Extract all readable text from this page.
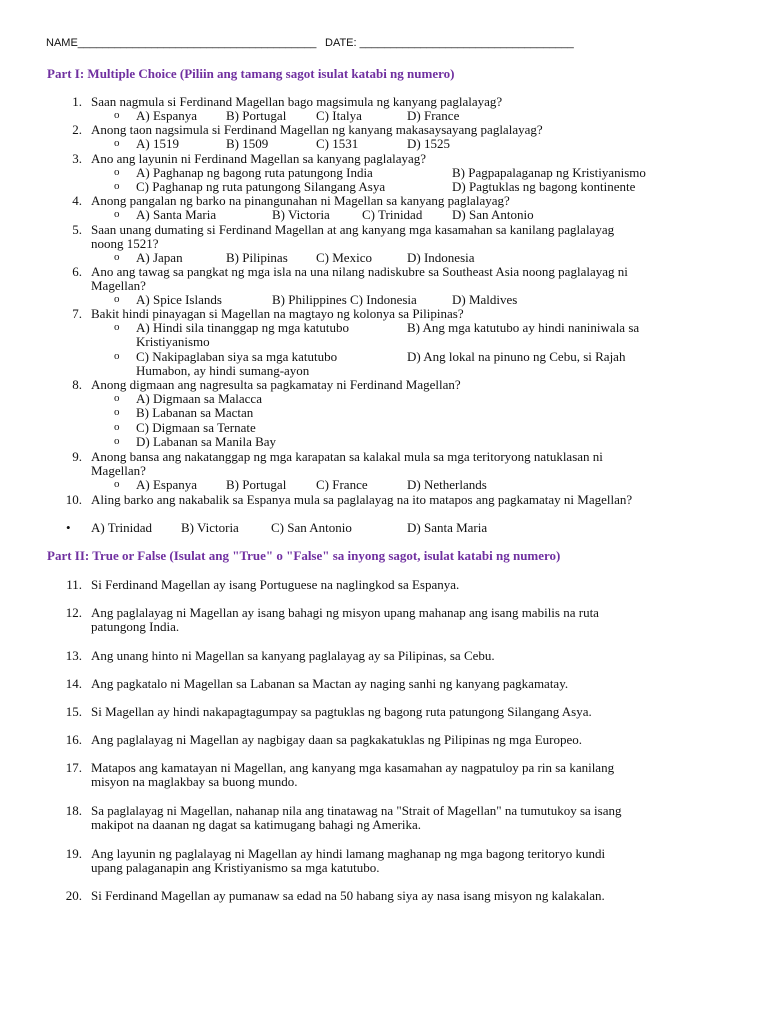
NAME_______________________________________ DATE: ___________________________________
Part I: Multiple Choice (Piliin ang tamang sagot isulat katabi ng numero)
1. Saan nagmula si Ferdinand Magellan bago magsimula ng kanyang paglalayag?
o A) Espanya B) Portugal C) Italya	D) France
2. Anong taon nagsimula si Ferdinand Magellan ng kanyang makasaysayang paglalayag?
o A) 1519	B) 1509	C) 1531	D) 1525
3. Ano ang layunin ni Ferdinand Magellan sa kanyang paglalayag?
o A) Paghanap ng bagong ruta patungong India	B) Pagpapalaganap ng Kristiyanismo
o C) Paghanap ng ruta patungong Silangang Asya	D) Pagtuklas ng bagong kontinente
4. Anong pangalan ng barko na pinangunahan ni Magellan sa kanyang paglalayag?
o A) Santa Maria	B) Victoria C) Trinidad D) San Antonio
5. Saan unang dumating si Ferdinand Magellan at ang kanyang mga kasamahan sa kanilang paglalayag
noong 1521?
o A) Japan	B) Pilipinas C) Mexico	D) Indonesia
6. Ano ang tawag sa pangkat ng mga isla na una nilang nadiskubre sa Southeast Asia noong paglalayag ni
Magellan?
o A) Spice Islands	B) Philippines C) Indonesia	D) Maldives
7. Bakit hindi pinayagan si Magellan na magtayo ng kolonya sa Pilipinas?
o A) Hindi sila tinanggap ng mga katutubo	B) Ang mga katutubo ay hindi naniniwala sa
Kristiyanismo
o C) Nakipaglaban siya sa mga katutubo	D) Ang lokal na pinuno ng Cebu, si Rajah
Humabon, ay hindi sumang-ayon
8. Anong digmaan ang nagresulta sa pagkamatay ni Ferdinand Magellan?
o A) Digmaan sa Malacca
o B) Labanan sa Mactan
o C) Digmaan sa Ternate
o D) Labanan sa Manila Bay
9. Anong bansa ang nakatanggap ng mga karapatan sa kalakal mula sa mga teritoryong natuklasan ni
Magellan?
o A) Espanya B) Portugal C) France	D) Netherlands
10. Aling barko ang nakabalik sa Espanya mula sa paglalayag na ito matapos ang pagkamatay ni Magellan?
• A) Trinidad B) Victoria C) San Antonio	D) Santa Maria
Part II: True or False (Isulat ang "True" o "False" sa inyong sagot, isulat katabi ng numero)
11. Si Ferdinand Magellan ay isang Portuguese na naglingkod sa Espanya.
12. Ang paglalayag ni Magellan ay isang bahagi ng misyon upang mahanap ang isang mabilis na ruta
patungong India.
13. Ang unang hinto ni Magellan sa kanyang paglalayag ay sa Pilipinas, sa Cebu.
14. Ang pagkatalo ni Magellan sa Labanan sa Mactan ay naging sanhi ng kanyang pagkamatay.
15. Si Magellan ay hindi nakapagtagumpay sa pagtuklas ng bagong ruta patungong Silangang Asya.
16. Ang paglalayag ni Magellan ay nagbigay daan sa pagkakatuklas ng Pilipinas ng mga Europeo.
17. Matapos ang kamatayan ni Magellan, ang kanyang mga kasamahan ay nagpatuloy pa rin sa kanilang
misyon na maglakbay sa buong mundo.
18. Sa paglalayag ni Magellan, nahanap nila ang tinatawag na "Strait of Magellan" na tumutukoy sa isang
makipot na daanan ng dagat sa katimugang bahagi ng Amerika.
19. Ang layunin ng paglalayag ni Magellan ay hindi lamang maghanap ng mga bagong teritoryo kundi
upang palaganapin ang Kristiyanismo sa mga katutubo.
20. Si Ferdinand Magellan ay pumanaw sa edad na 50 habang siya ay nasa isang misyon ng kalakalan.
